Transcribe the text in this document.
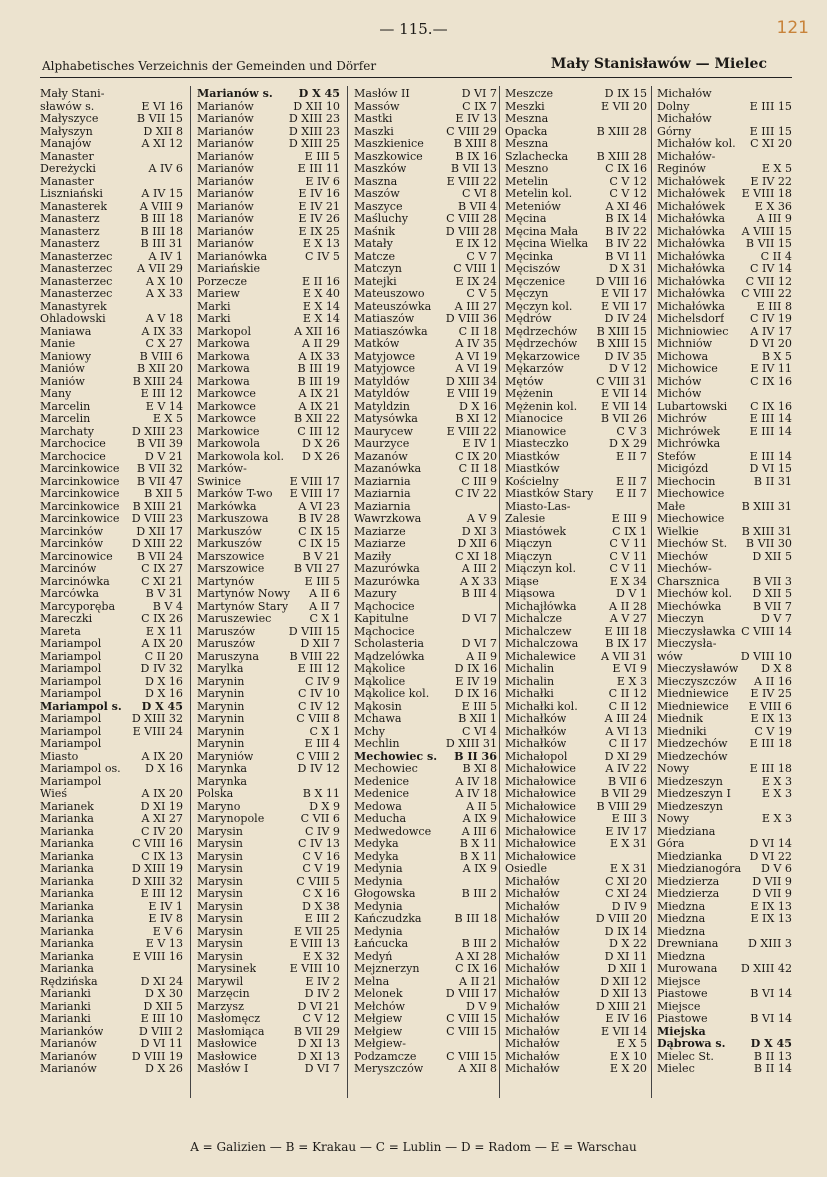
— 115.—	121
Alphabetisches Verzeichnis der Gemeinden und Dörfer	Mały Stanisławów — Mielec
Mały Stani-
sławów s.	E VI 16
Małyszyce	B VII 15
Małyszyn	D XII 8
Manajów	A XI 12
Manaster
Dereżycki	A IV 6
Manaster
Liszniański	A IV 15
Manasterek	A VIII 9
Manasterz	B III 18
Manasterz	B III 18
Manasterz	B III 31
Manasterzec	A IV 1
Manasterzec A VII 29
Manasterzec	A X 10
Manasterzec	A X 33
Manastyrek
Ohladowski	A V 18
Maniawa	A IX 33
Manie	C X 27
Maniowy	B VIII 6
Maniów	B XII 20
Maniów	B XIII 24
Many	E III 12
Marcelin	E V 14
Marcelin	E X 5
Marchaty	D XIII 23
Marchocice	B VII 39
Marchocice	D V 21
Marcinkowice B VII 32
Marcinkowice B VII 47
Marcinkowice B XII 5
Marcinkowice B XIII 21
Marcinkowice D VIII 23
Marcinków	D XII 17
Marcinków	D XIII 22
Marcinowice B VII 24
Marcinów	C IX 27
Marcinówka	C XI 21
Marcówka	B V 31
Marcyporęba	B V 4
Mareczki	C IX 26
Mareta	E X 11
Mariampol	A IX 20
Mariampol	C II 20
Mariampol	D IV 32
Mariampol	D X 16
Mariampol	D X 16
Mariampol s. D X 45
Mariampol	D XIII 32
Mariampol	E VIII 24
Mariampol
Miasto	A IX 20
Mariampol os. D X 16
Mariampol
Wieś	A IX 20
Marianek	D XI 19
Marianka	A XI 27
Marianka	C IV 20
Marianka	C VIII 16
Marianka	C IX 13
Marianka	D XIII 19
Marianka	D XIII 32
Marianka	E III 12
Marianka	E IV 1
Marianka	E IV 8
Marianka	E V 6
Marianka	E V 13
Marianka	E VIII 16
Marianka
Rędzińska	D XI 24
Marianki	D X 30
Marianki	D XII 5
Marianki	E III 10
Marianków	D VIII 2
Marianów	D VI 11
Marianów	D VIII 19
Marianów	D X 26
Marianów s. D X 45
Marianów	D XII 10
Marianów	D XIII 23
Marianów	D XIII 23
Marianów	D XIII 25
Marianów	E III 5
Marianów	E III 11
Marianów	E IV 6
Marianów	E IV 16
Marianów	E IV 21
Marianów	E IV 26
Marianów	E IX 25
Marianów	E X 13
Marianówka	C IV 5
Mariańskie
Porzecze	E II 16
Mariew	E X 40
Marki	E X 14
Marki	E X 14
Markopol	A XII 16
Markowa	A II 29
Markowa	A IX 33
Markowa	B III 19
Markowa	B III 19
Markowce	A IX 21
Markowce	A IX 21
Markowce	B XII 22
Markowice	C III 12
Markowola	D X 26
Markowola kol. D X 26
Marków-
Świnice	E VIII 17
Marków T-wo E VIII 17
Markówka	A VI 23
Markuszowa	B IV 28
Markuszów	C IX 15
Markuszów	C IX 15
Marszowice	B V 21
Marszowice	B VII 27
Martynów	E III 5
Martynów Nowy A II 6
Martynów Stary A II 7
Maruszewiec	C X 1
Maruszów	D VIII 15
Maruszów	D XII 7
Maruszyna	B VIII 22
Marylka	E III 12
Marynin	C IV 9
Marynin	C IV 10
Marynin	C IV 12
Marynin	C VIII 8
Marynin	C X 1
Marynin	E III 4
Maryniów	C VIII 2
Marynka	D IV 12
Marynka
Polska	B X 11
Maryno	D X 9
Marynopole	C VII 6
Marysin	C IV 9
Marysin	C IV 13
Marysin	C V 16
Marysin	C V 19
Marysin	C VIII 5
Marysin	C X 16
Marysin	D X 38
Marysin	E III 2
Marysin	E VII 25
Marysin	E VIII 13
Marysin	E X 32
Marysinek	E VIII 10
Marywil	E IV 2
Marzęcin	D IV 2
Marzysz	D VI 21
Masłomęcz	C V 12
Masłomiąca	B VII 29
Masłowice	D XI 13
Masłowice	D XI 13
Masłów I	D VI 7
Masłów II	D VI 7
Massów	C IX 7
Mastki	E IV 13
Maszki	C VIII 29
Maszkienice	B XIII 8
Maszkowice	B IX 16
Maszków	B VII 13
Maszna	E VIII 22
Maszów	C VI 8
Maszyce	B VII 4
Maśluchy	C VIII 28
Maśnik	D VIII 28
Matały	E IX 12
Matcze	C V 7
Matczyn	C VIII 1
Matejki	E IX 24
Mateuszowo	C V 5
Mateuszówka A III 27
Matiaszów	D VIII 36
Matiaszówka	C II 18
Matków	A IV 35
Matyjowce	A VI 19
Matyjowce	A VI 19
Matyldów	D XIII 34
Matyldów	E VIII 19
Matyldzin	D X 16
Matysówka	B XI 12
Maurycew	E VIII 22
Maurzyce	E IV 1
Mazanów	C IX 20
Mazanówka	C II 18
Maziarnia	C III 9
Maziarnia	C IV 22
Maziarnia
Wawrzkowa	A V 9
Maziarze	D XI 3
Maziarze	D XII 6
Maziły	C XI 18
Mazurówka	A III 2
Mazurówka	A X 33
Mazury	B III 4
Mąchocice
Kapitulne	D VI 7
Mąchocice
Scholasteria	D VI 7
Mądzelówka	A II 9
Mąkolice	D IX 16
Mąkolice	E IV 19
Mąkolice kol. D IX 16
Mąkosin	E III 5
Mchawa	B XII 1
Mchy	C VI 4
Mechlin	D XIII 31
Mechowiec s. B II 36
Mechowiec	B XI 8
Medenice	A IV 18
Medenice	A IV 18
Medowa	A II 5
Meducha	A IX 9
Medwedowce	A III 6
Medyka	B X 11
Medyka	B X 11
Medynia	A IX 9
Medynia
Głogowska	B III 2
Medynia
Kańczudzka	B III 18
Medynia
Łańcucka	B III 2
Medyń	A XI 28
Mejznerzyn	C IX 16
Melna	A II 21
Melonek	D VIII 17
Mełchów	D V 9
Mełgiew	C VIII 15
Mełgiew	C VIII 15
Mełgiew-
Podzamcze	C VIII 15
Meryszczów	A XII 8
Meszcze	D IX 15
Meszki	E VII 20
Meszna
Opacka	B XIII 28
Meszna
Szlachecka	B XIII 28
Meszno	C IX 16
Metelin	C V 12
Metelin kol.	C V 12
Meteniów	A XI 46
Męcina	B IX 14
Męcina Mała B IV 22
Męcina Wielka B IV 22
Męcinka	B VI 11
Męciszów	D X 31
Męczenice	D VIII 16
Męczyn	E VII 17
Męczyn kol.	E VII 17
Mędrów	D IV 24
Mędrzechów B XIII 15
Mędrzechów B XIII 15
Mękarzowice D IV 35
Mękarzów	D V 12
Mętów	C VIII 31
Mężenin	E VII 14
Mężenin kol. E VII 14
Mianocice	B VII 26
Mianowice	C V 3
Miasteczko	D X 29
Miastków	E II 7
Miastków
Kościelny	E II 7
Miastków Stary E II 7
Miasto-Las-
Zalesie	E III 9
Miastówek	C IX 1
Miączyn	C V 11
Miączyn	C V 11
Miączyn kol.	C V 11
Miąse	E X 34
Miąsowa	D V 1
Michajłówka	A II 28
Michalcze	A V 27
Michalczew	E III 18
Michalczowa B IX 17
Michalewice A VII 31
Michalin	E VI 9
Michalin	E X 3
Michałki	C II 12
Michałki kol.	C II 12
Michałków	A III 24
Michałków	A VI 13
Michałków	C II 17
Michałopol	D XI 29
Michałowice	A IV 22
Michałowice	B VII 6
Michałowice B VII 29
Michałowice B VIII 29
Michałowice	E III 3
Michałowice	E IV 17
Michałowice	E X 31
Michałowice
Osiedle	E X 31
Michałów	C XI 20
Michałów	C XI 24
Michałów	D IV 9
Michałów	D VIII 20
Michałów	D IX 14
Michałów	D X 22
Michałów	D XI 11
Michałów	D XII 1
Michałów	D XII 12
Michałów	D XII 13
Michałów	D XIII 21
Michałów	E IV 16
Michałów	E VII 14
Michałów	E X 5
Michałów	E X 10
Michałów	E X 20
Michałów
Dolny	E III 15
Michałów
Górny	E III 15
Michałów kol. C XI 20
Michałów-
Reginów	E X 5
Michałówek E IV 22
Michałówek E VIII 18
Michałówek	E X 36
Michałówka	A III 9
Michałówka A VIII 15
Michałówka B VII 15
Michałówka	C II 4
Michałówka C IV 14
Michałówka C VII 12
Michałówka C VIII 22
Michałówka	E III 8
Michelsdorf C IV 19
Michniowiec A IV 17
Michniów	D VI 20
Michowa	B X 5
Michowice	E IV 11
Michów	C IX 16
Michów
Lubartowski C IX 16
Michrów	E III 14
Michrówek	E III 14
Michrówka
Stefów	E III 14
Micigózd	D VI 15
Miechocin	B II 31
Miechowice
Małe	B XIII 31
Miechowice
Wielkie	B XIII 31
Miechów St. B VII 30
Miechów	D XII 5
Miechów-
Charsznica	B VII 3
Miechów kol. D XII 5
Miechówka	B VII 7
Mieczyn	D V 7
Mieczysławka C VIII 14
Mieczysła-
wów	D VIII 10
Mieczysławów D X 8
Mieczyszczów A II 16
Miedniewice E IV 25
Miedniewice E VIII 6
Miednik	E IX 13
Miedniki	C V 19
Miedzechów E III 18
Miedzechów
Nowy	E III 18
Miedzeszyn	E X 3
Miedzeszyn I	E X 3
Miedzeszyn
Nowy	E X 3
Miedziana
Góra	D VI 14
Miedzianka D VI 22
Miedzianogóra D V 6
Miedzierza	D VII 9
Miedzierza	D VII 9
Miedzna	E IX 13
Miedzna	E IX 13
Miedzna
Drewniana	D XIII 3
Miedzna
Murowana D XIII 42
Miejsce
Piastowe	B VI 14
Miejsce
Piastowe	B VI 14
Miejska
Dąbrowa s. D X 45
Mielec St.	B II 13
Mielec	B II 14
A = Galizien — B = Krakau — C = Lublin — D = Radom — E = Warschau
